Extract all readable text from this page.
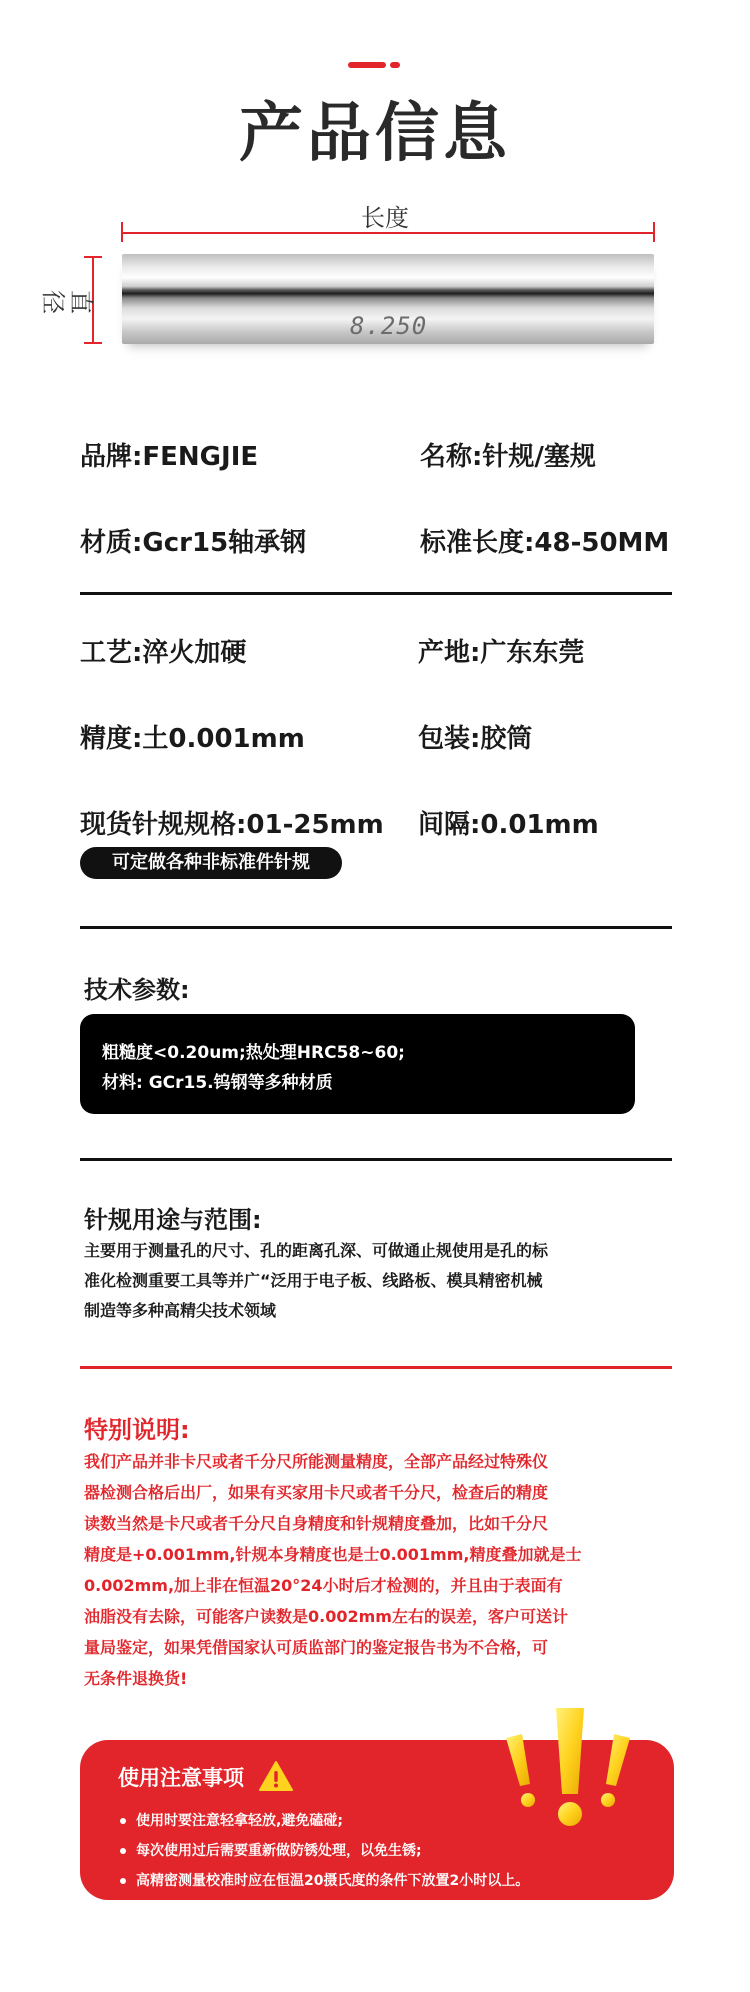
产品信息
长度
直径
8.250
品牌:FENGJIE	名称:针规/塞规
材质:Gcr15轴承钢	标准长度:48-50MM
工艺:淬火加硬	产地:广东东莞
精度:土0.001mm	包装:胶筒
现货针规规格:01-25mm 间隔:0.01mm
可定做各种非标准件针规
技术参数:
粗糙度<0.20um;热处理HRC58~60;
材料: GCr15.钨钢等多种材质
针规用途与范围:
主要用于测量孔的尺寸、孔的距离孔深、可做通止规使用是孔的标
准化检测重要工具等并广“泛用于电子板、线路板、模具精密机械
制造等多种高精尖技术领域
特别说明:
我们产品并非卡尺或者千分尺所能测量精度，全部产品经过特殊仪
器检测合格后出厂，如果有买家用卡尺或者千分尺，检查后的精度
读数当然是卡尺或者千分尺自身精度和针规精度叠加，比如千分尺
精度是+0.001mm,针规本身精度也是士0.001mm,精度叠加就是士
0.002mm,加上非在恒温20°24小时后才检测的，并且由于表面有
油脂没有去除，可能客户读数是0.002mm左右的误差，客户可送计
量局鉴定，如果凭借国家认可质监部门的鉴定报告书为不合格，可
无条件退换货!
使用注意事项
使用时要注意轻拿轻放,避免磕碰;
每次使用过后需要重新做防锈处理，以免生锈;
高精密测量校准时应在恒温20摄氏度的条件下放置2小时以上。
